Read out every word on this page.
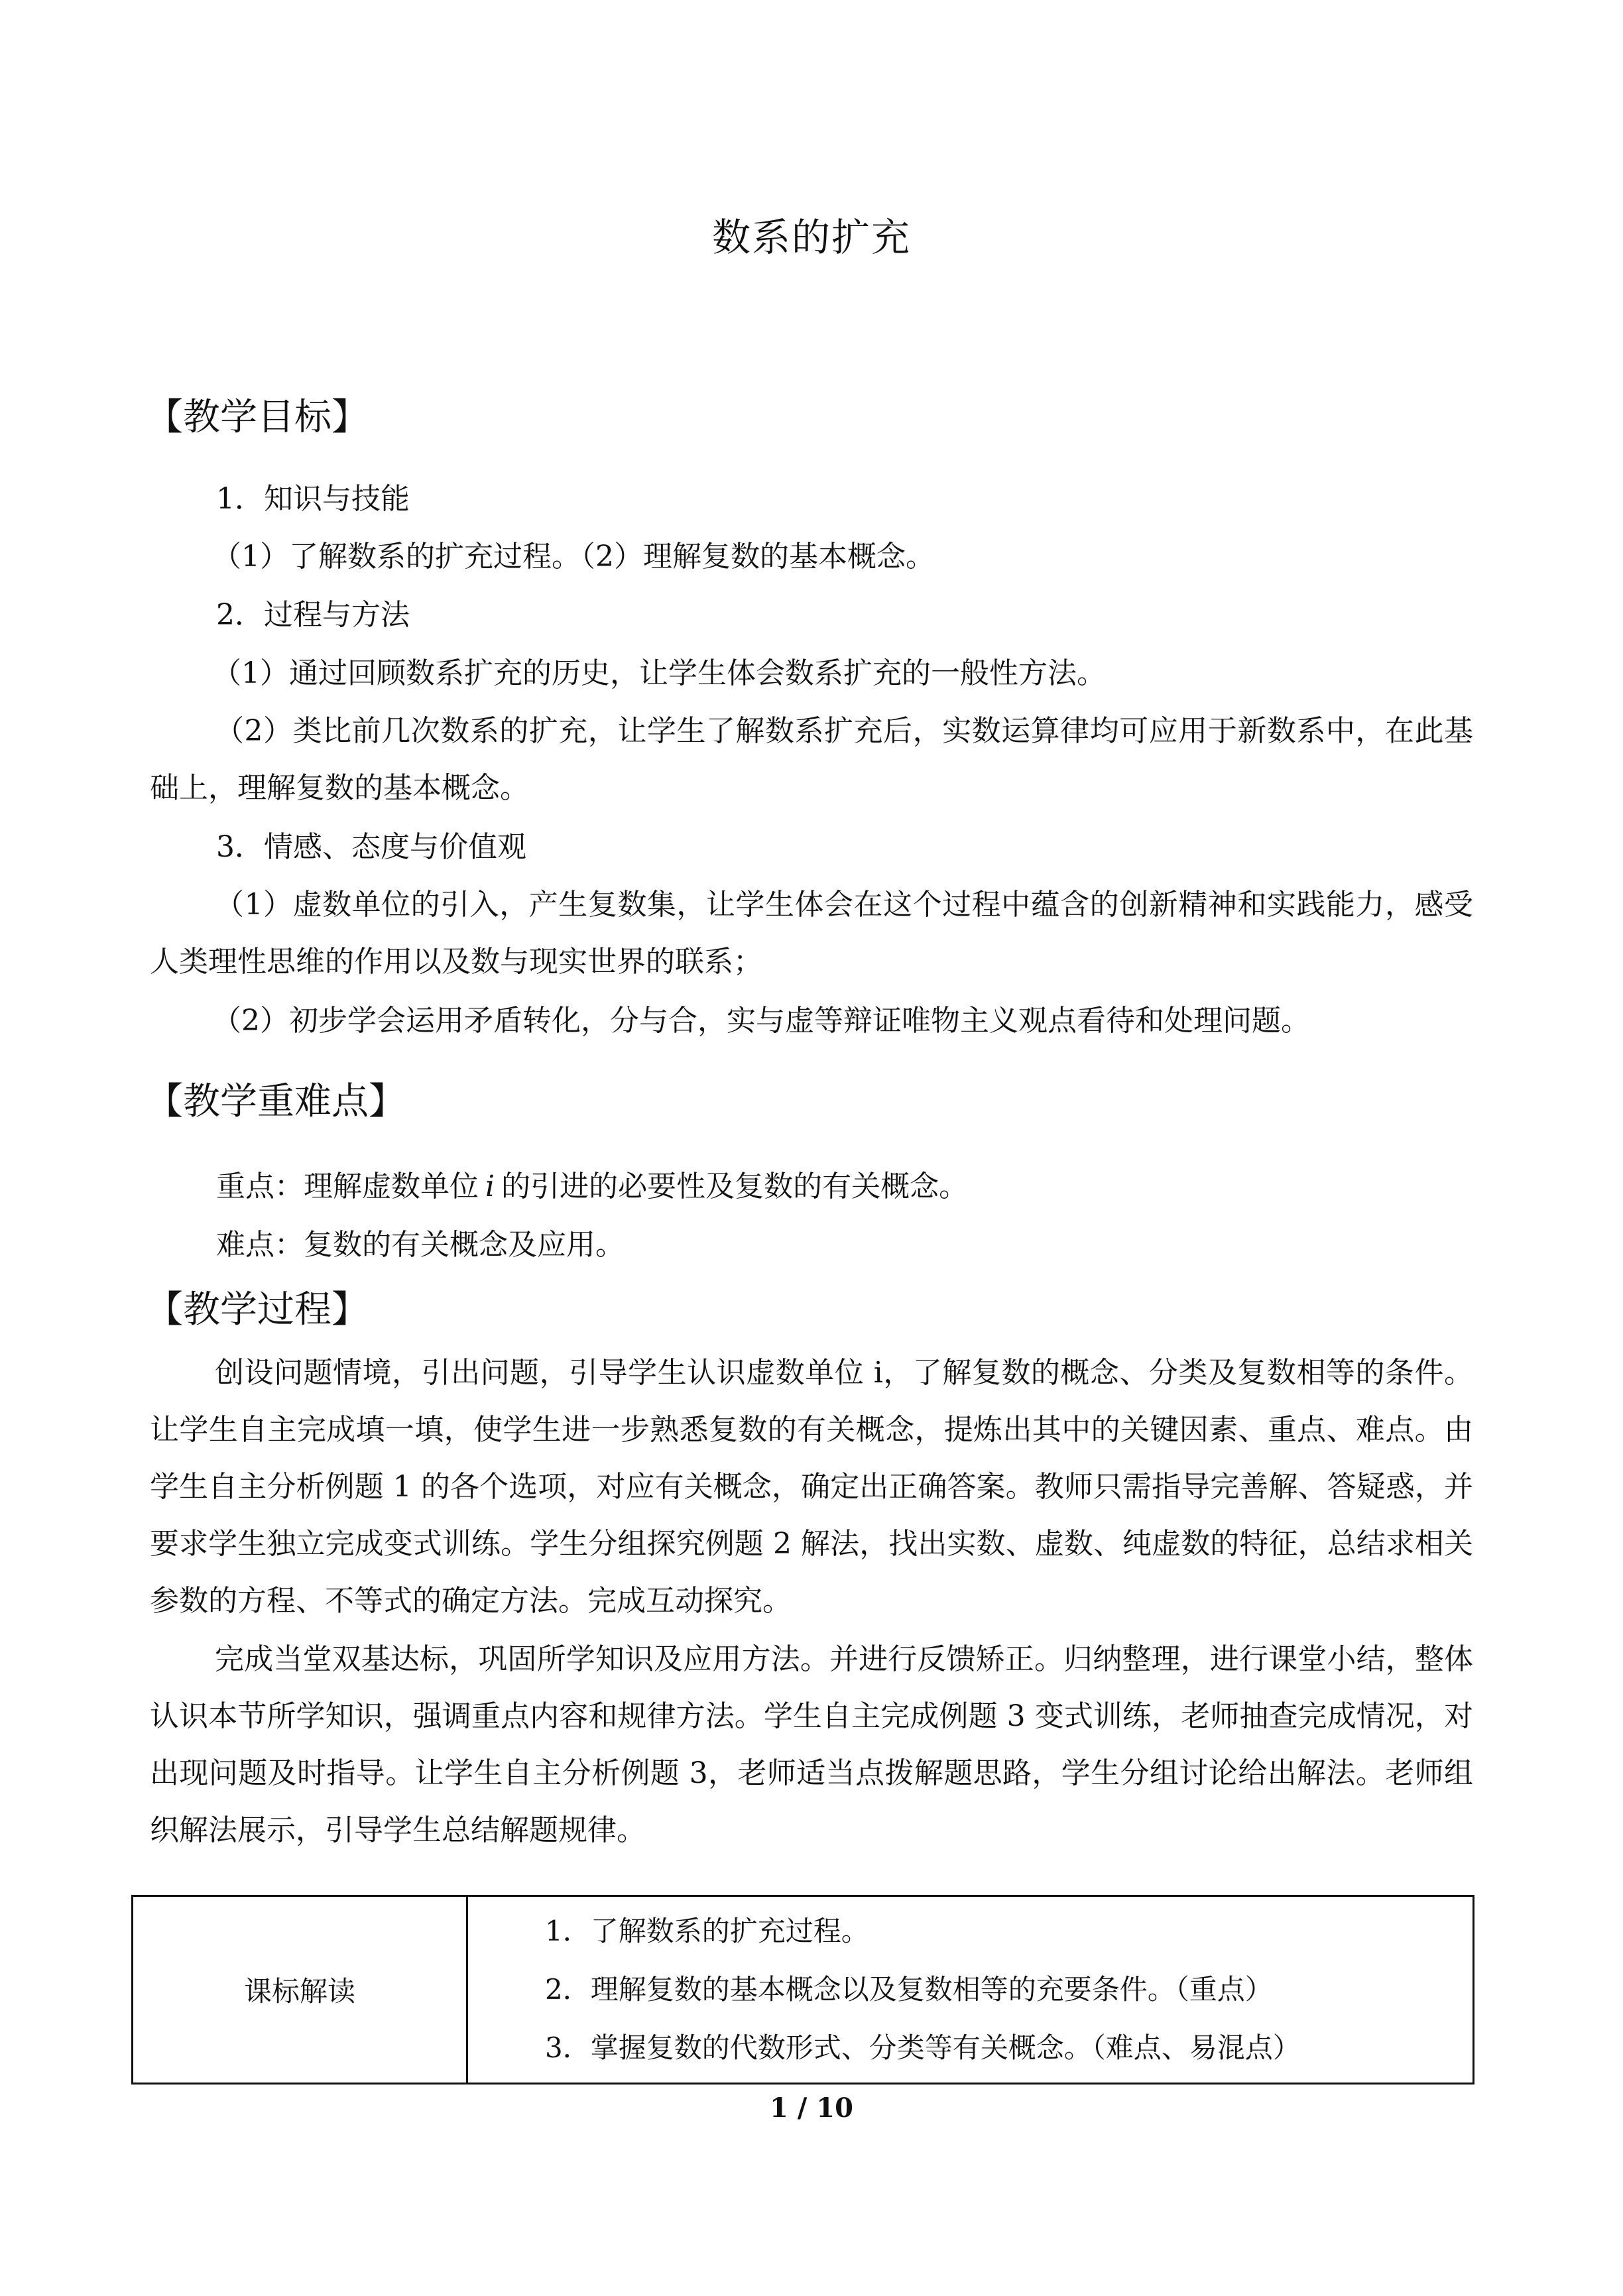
数系的扩充
【教学目标】
1．知识与技能
（1）了解数系的扩充过程。（2）理解复数的基本概念。
2．过程与方法
（1）通过回顾数系扩充的历史，让学生体会数系扩充的一般性方法。
（2）类比前几次数系的扩充，让学生了解数系扩充后，实数运算律均可应用于新数系中，在此基础上，理解复数的基本概念。
3．情感、态度与价值观
（1）虚数单位的引入，产生复数集，让学生体会在这个过程中蕴含的创新精神和实践能力，感受人类理性思维的作用以及数与现实世界的联系；
（2）初步学会运用矛盾转化，分与合，实与虚等辩证唯物主义观点看待和处理问题。
【教学重难点】
重点：理解虚数单位 i 的引进的必要性及复数的有关概念。
难点：复数的有关概念及应用。
【教学过程】
创设问题情境，引出问题，引导学生认识虚数单位 i，了解复数的概念、分类及复数相等的条件。让学生自主完成填一填，使学生进一步熟悉复数的有关概念，提炼出其中的关键因素、重点、难点。由学生自主分析例题 1 的各个选项，对应有关概念，确定出正确答案。教师只需指导完善解、答疑惑，并要求学生独立完成变式训练。学生分组探究例题 2 解法，找出实数、虚数、纯虚数的特征，总结求相关参数的方程、不等式的确定方法。完成互动探究。
完成当堂双基达标，巩固所学知识及应用方法。并进行反馈矫正。归纳整理，进行课堂小结，整体认识本节所学知识，强调重点内容和规律方法。学生自主完成例题 3 变式训练，老师抽查完成情况，对出现问题及时指导。让学生自主分析例题 3，老师适当点拨解题思路，学生分组讨论给出解法。老师组织解法展示，引导学生总结解题规律。
课标解读	
1．了解数系的扩充过程。
2．理解复数的基本概念以及复数相等的充要条件。（重点）
3．掌握复数的代数形式、分类等有关概念。（难点、易混点）
1 / 10
